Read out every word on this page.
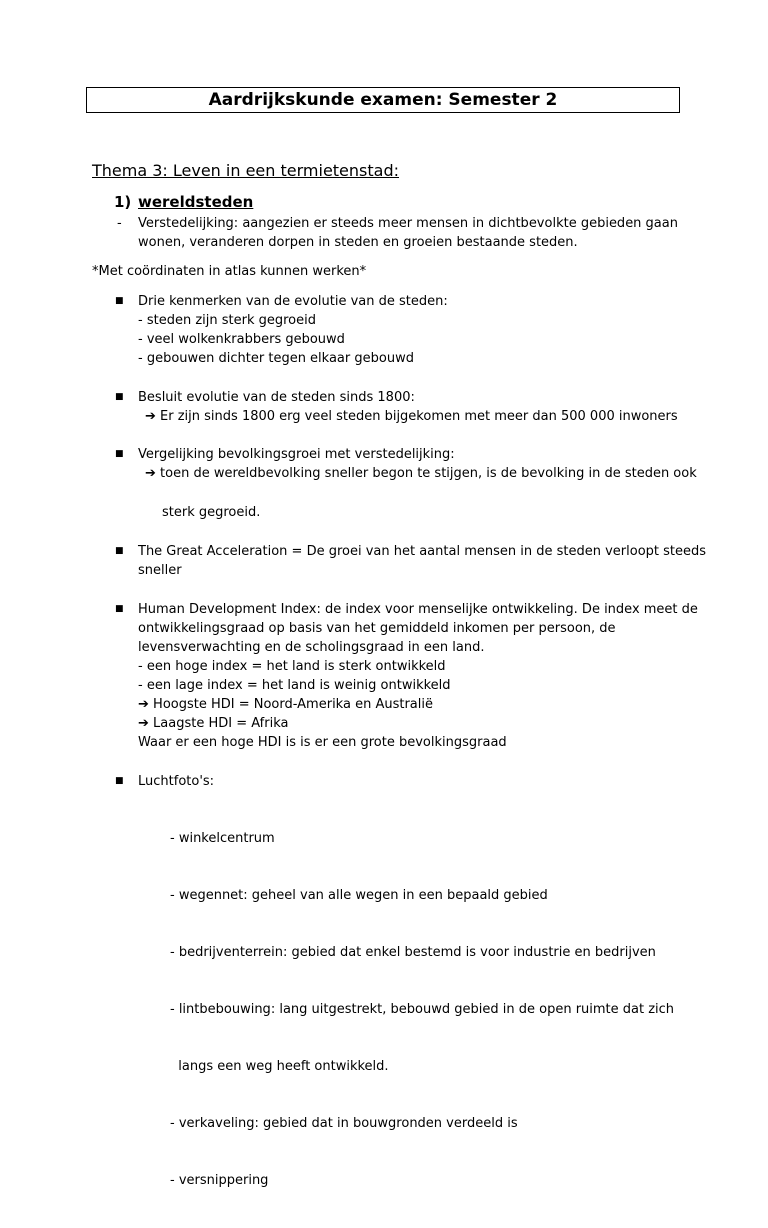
Aardrijkskunde examen: Semester 2
Thema 3: Leven in een termietenstad:
1) wereldsteden
- Verstedelijking: aangezien er steeds meer mensen in dichtbevolkte gebieden gaan
wonen, veranderen dorpen in steden en groeien bestaande steden.
*Met coördinaten in atlas kunnen werken*
■ Drie kenmerken van de evolutie van de steden:
- steden zijn sterk gegroeid
- veel wolkenkrabbers gebouwd
- gebouwen dichter tegen elkaar gebouwd
■ Besluit evolutie van de steden sinds 1800:
➔ Er zijn sinds 1800 erg veel steden bijgekomen met meer dan 500 000 inwoners
■ Vergelijking bevolkingsgroei met verstedelijking:
➔ toen de wereldbevolking sneller begon te stijgen, is de bevolking in de steden ook
sterk gegroeid.
■ The Great Acceleration = De groei van het aantal mensen in de steden verloopt steeds
sneller
■ Human Development Index: de index voor menselijke ontwikkeling. De index meet de
ontwikkelingsgraad op basis van het gemiddeld inkomen per persoon, de
levensverwachting en de scholingsgraad in een land.
- een hoge index = het land is sterk ontwikkeld
- een lage index = het land is weinig ontwikkeld
➔ Hoogste HDI = Noord-Amerika en Australië
➔ Laagste HDI = Afrika
Waar er een hoge HDI is is er een grote bevolkingsgraad
■ Luchtfoto's:

- winkelcentrum

- wegennet: geheel van alle wegen in een bepaald gebied

- bedrijventerrein: gebied dat enkel bestemd is voor industrie en bedrijven

- lintbebouwing: lang uitgestrekt, bebouwd gebied in de open ruimte dat zich

langs een weg heeft ontwikkeld.

- verkaveling: gebied dat in bouwgronden verdeeld is

- versnippering
